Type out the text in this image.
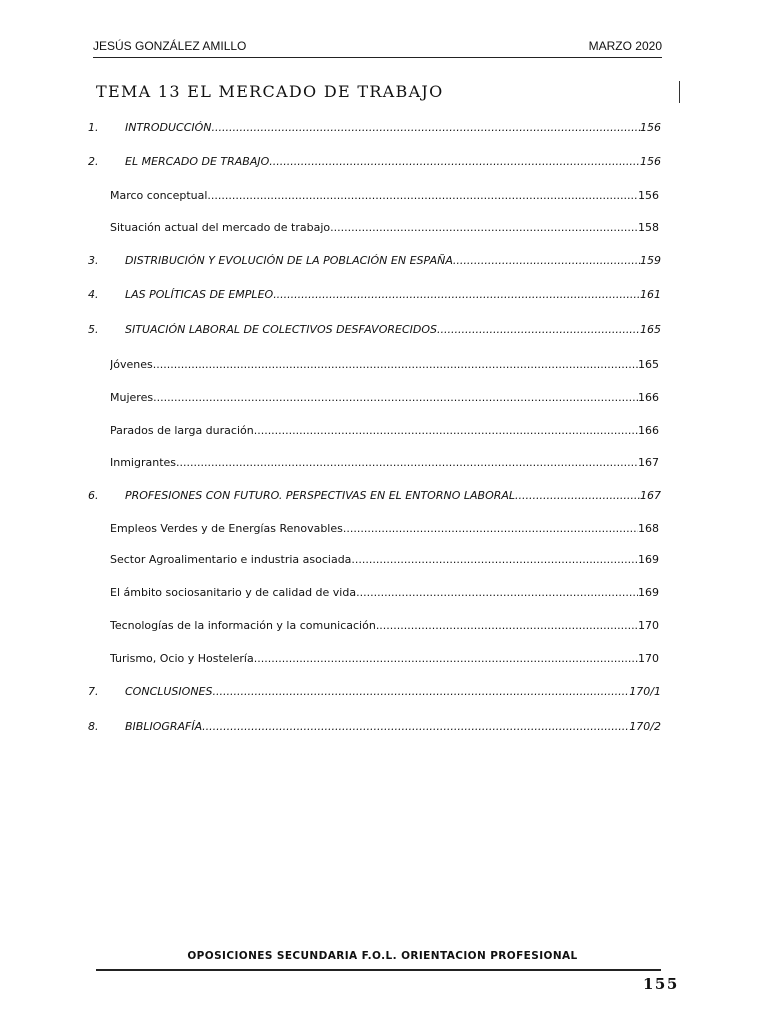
JESÚS GONZÁLEZ AMILLO	MARZO 2020
TEMA 13 EL MERCADO DE TRABAJO
1.	INTRODUCCIÓN .....	156
2.	EL MERCADO DE TRABAJO .....	156
Marco conceptual .....	156
Situación actual del mercado de trabajo .....	158
3.	DISTRIBUCIÓN Y EVOLUCIÓN DE LA POBLACIÓN EN ESPAÑA .....	159
4.	LAS POLÍTICAS DE EMPLEO .....	161
5.	SITUACIÓN LABORAL DE COLECTIVOS DESFAVORECIDOS .....	165
Jóvenes .....	165
Mujeres .....	166
Parados de larga duración .....	166
Inmigrantes .....	167
6.	PROFESIONES CON FUTURO. PERSPECTIVAS EN EL ENTORNO LABORAL .....	167
Empleos Verdes y de Energías Renovables .....	168
Sector Agroalimentario e industria asociada .....	169
El ámbito sociosanitario y de calidad de vida .....	169
Tecnologías de la información y la comunicación .....	170
Turismo, Ocio y Hostelería .....	170
7.	CONCLUSIONES .....	170/1
8.	BIBLIOGRAFÍA .....	170/2
OPOSICIONES SECUNDARIA F.O.L. ORIENTACION PROFESIONAL
155
